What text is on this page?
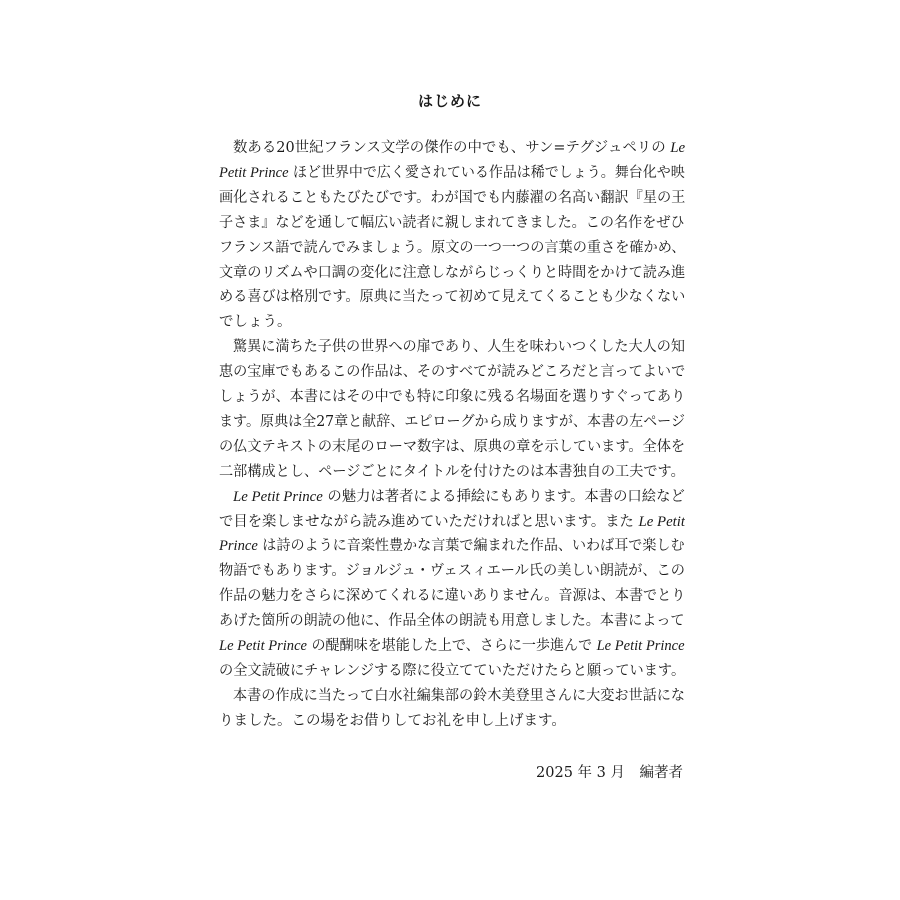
はじめに
数ある20世紀フランス文学の傑作の中でも、サン=テグジュペリの Le
Petit Prince ほど世界中で広く愛されている作品は稀でしょう。舞台化や映
画化されることもたびたびです。わが国でも内藤濯の名高い翻訳『星の王
子さま』などを通して幅広い読者に親しまれてきました。この名作をぜひ
フランス語で読んでみましょう。原文の一つ一つの言葉の重さを確かめ、
文章のリズムや口調の変化に注意しながらじっくりと時間をかけて読み進
める喜びは格別です。原典に当たって初めて見えてくることも少なくない
でしょう。
驚異に満ちた子供の世界への扉であり、人生を味わいつくした大人の知
恵の宝庫でもあるこの作品は、そのすべてが読みどころだと言ってよいで
しょうが、本書にはその中でも特に印象に残る名場面を選りすぐってあり
ます。原典は全27章と献辞、エピローグから成りますが、本書の左ページ
の仏文テキストの末尾のローマ数字は、原典の章を示しています。全体を
二部構成とし、ページごとにタイトルを付けたのは本書独自の工夫です。
Le Petit Prince の魅力は著者による挿絵にもあります。本書の口絵など
で目を楽しませながら読み進めていただければと思います。また Le Petit
Prince は詩のように音楽性豊かな言葉で編まれた作品、いわば耳で楽しむ
物語でもあります。ジョルジュ・ヴェスィエール氏の美しい朗読が、この
作品の魅力をさらに深めてくれるに違いありません。音源は、本書でとり
あげた箇所の朗読の他に、作品全体の朗読も用意しました。本書によって
Le Petit Prince の醍醐味を堪能した上で、さらに一歩進んで Le Petit Prince
の全文読破にチャレンジする際に役立てていただけたらと願っています。
本書の作成に当たって白水社編集部の鈴木美登里さんに大変お世話にな
りました。この場をお借りしてお礼を申し上げます。
2025 年 3 月　編著者
